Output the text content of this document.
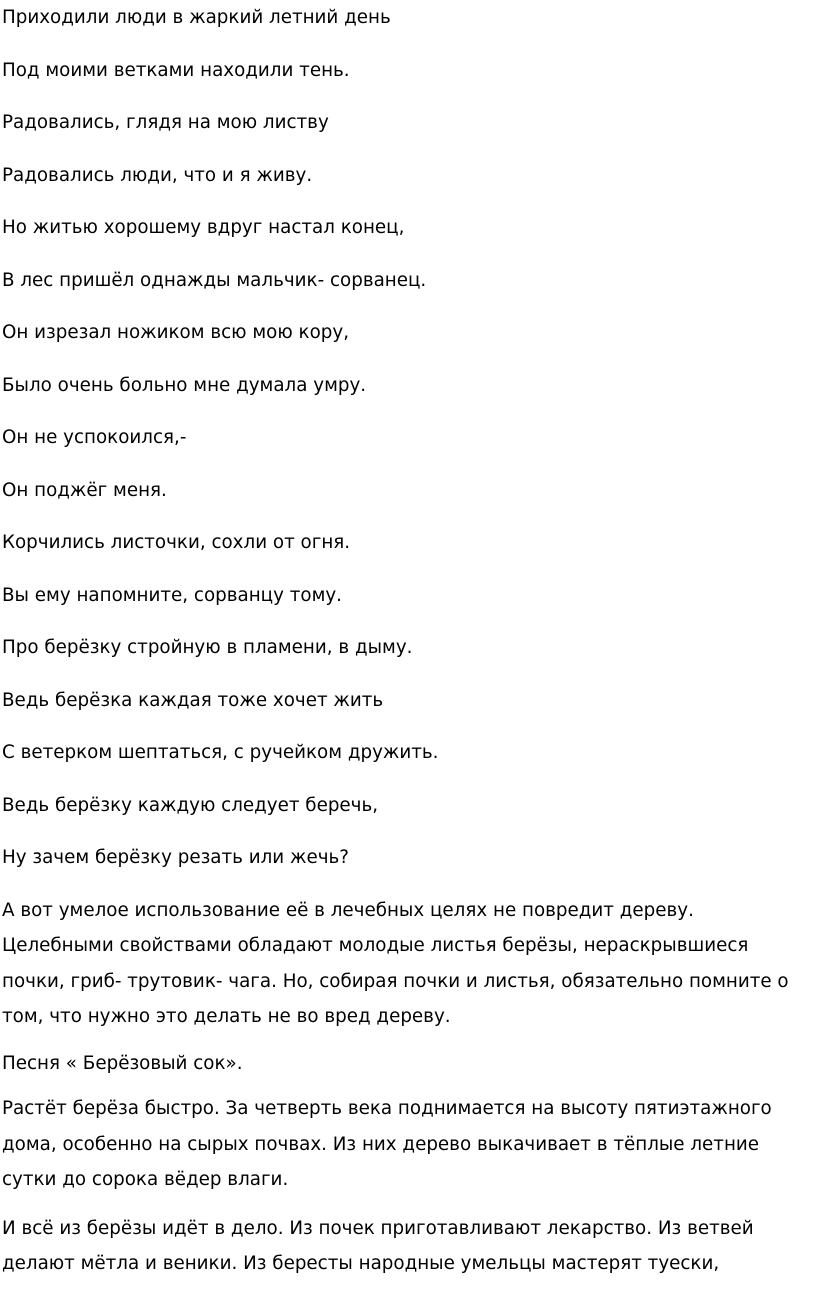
Приходили люди в жаркий летний день

Под моими ветками находили тень.

Радовались, глядя на мою листву

Радовались люди, что и я живу.

Но житью хорошему вдруг настал конец,

В лес пришёл однажды мальчик- сорванец.

Он изрезал ножиком всю мою кору,

Было очень больно мне думала умру.

Он не успокоился,-

Он поджёг меня.

Корчились листочки, сохли от огня.

Вы ему напомните, сорванцу тому.

Про берёзку стройную в пламени, в дыму.

Ведь берёзка каждая тоже хочет жить

С ветерком шептаться, с ручейком дружить.

Ведь берёзку каждую следует беречь,

Ну зачем берёзку резать или жечь?

А вот умелое использование её в лечебных целях не повредит дереву. Целебными свойствами обладают молодые листья берёзы, нераскрывшиеся почки, гриб- трутовик- чага. Но, собирая почки и листья, обязательно помните о том, что нужно это делать не во вред дереву.

Песня « Берёзовый сок».

Растёт берёза быстро. За четверть века поднимается на высоту пятиэтажного дома, особенно на сырых почвах. Из них дерево выкачивает в тёплые летние сутки до сорока вёдер влаги.

И всё из берёзы идёт в дело. Из почек приготавливают лекарство. Из ветвей делают мётла и веники. Из бересты народные умельцы мастерят туески,
